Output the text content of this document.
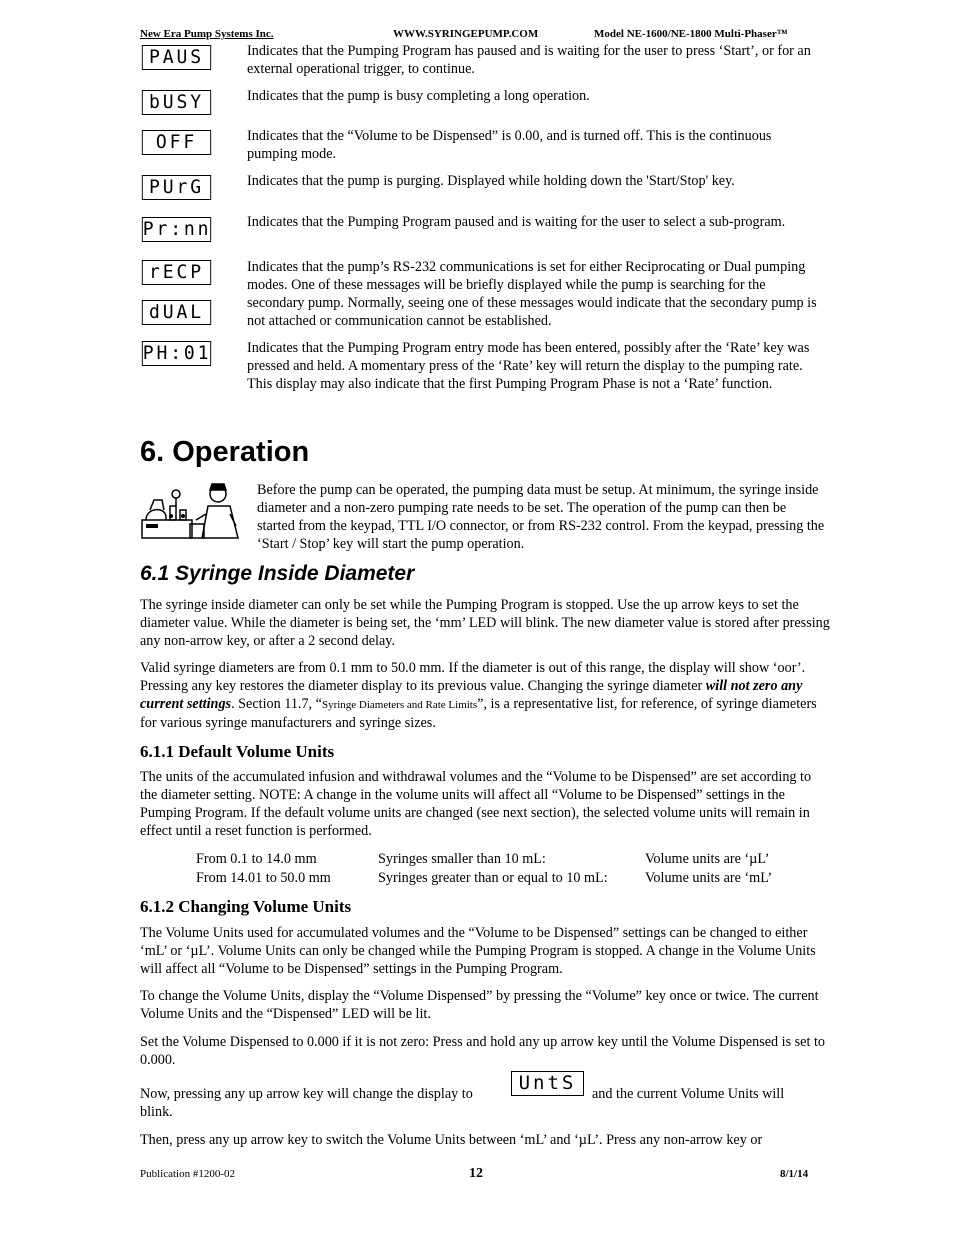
New Era Pump Systems Inc.	WWW.SYRINGEPUMP.COM	Model NE-1600/NE-1800 Multi-Phaser™
PAUS	Indicates that the Pumping Program has paused and is waiting for the user to press ‘Start’, or for an external operational trigger, to continue.
bUSY	Indicates that the pump is busy completing a long operation.
OFF	Indicates that the “Volume to be Dispensed” is 0.00, and is turned off. This is the continuous pumping mode.
PUrG	Indicates that the pump is purging. Displayed while holding down the 'Start/Stop' key.
Pr:nn	Indicates that the Pumping Program paused and is waiting for the user to select a sub-program.
rECP
dUAL
Indicates that the pump’s RS-232 communications is set for either Reciprocating or Dual pumping modes. One of these messages will be briefly displayed while the pump is searching for the secondary pump. Normally, seeing one of these messages would indicate that the secondary pump is not attached or communication cannot be established.
PH:01	Indicates that the Pumping Program entry mode has been entered, possibly after the ‘Rate’ key was pressed and held. A momentary press of the ‘Rate’ key will return the display to the pumping rate. This display may also indicate that the first Pumping Program Phase is not a ‘Rate’ function.
6. Operation
Before the pump can be operated, the pumping data must be setup. At minimum, the syringe inside diameter and a non-zero pumping rate needs to be set. The operation of the pump can then be started from the keypad, TTL I/O connector, or from RS-232 control. From the keypad, pressing the ‘Start / Stop’ key will start the pump operation.
6.1 Syringe Inside Diameter
The syringe inside diameter can only be set while the Pumping Program is stopped. Use the up arrow keys to set the diameter value. While the diameter is being set, the ‘mm’ LED will blink. The new diameter value is stored after pressing any non-arrow key, or after a 2 second delay.
Valid syringe diameters are from 0.1 mm to 50.0 mm. If the diameter is out of this range, the display will show ‘oor’. Pressing any key restores the diameter display to its previous value. Changing the syringe diameter will not zero any current settings. Section 11.7, “Syringe Diameters and Rate Limits”, is a representative list, for reference, of syringe diameters for various syringe manufacturers and syringe sizes.
6.1.1 Default Volume Units
The units of the accumulated infusion and withdrawal volumes and the “Volume to be Dispensed” are set according to the diameter setting. NOTE: A change in the volume units will affect all “Volume to be Dispensed” settings in the Pumping Program. If the default volume units are changed (see next section), the selected volume units will remain in effect until a reset function is performed.
From 0.1 to 14.0 mm	Syringes smaller than 10 mL:	Volume units are ‘µL’
From 14.01 to 50.0 mm	Syringes greater than or equal to 10 mL:	Volume units are ‘mL’
6.1.2 Changing Volume Units
The Volume Units used for accumulated volumes and the “Volume to be Dispensed” settings can be changed to either ‘mL’ or ‘µL’. Volume Units can only be changed while the Pumping Program is stopped. A change in the Volume Units will affect all “Volume to be Dispensed” settings in the Pumping Program.
To change the Volume Units, display the “Volume Dispensed” by pressing the “Volume” key once or twice. The current Volume Units and the “Dispensed” LED will be lit.
Set the Volume Dispensed to 0.000 if it is not zero: Press and hold any up arrow key until the Volume Dispensed is set to 0.000.
Now, pressing any up arrow key will change the display to	UntS	and the current Volume Units will
blink.
Then, press any up arrow key to switch the Volume Units between ‘mL’ and ‘µL’. Press any non-arrow key or
Publication #1200-02	12	8/1/14
